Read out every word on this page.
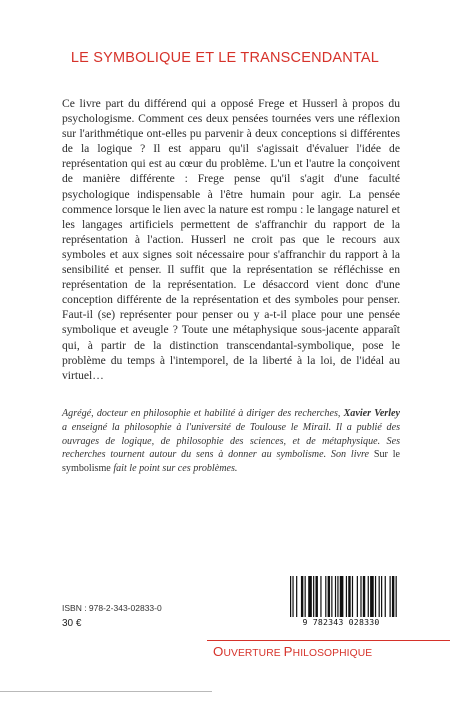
LE SYMBOLIQUE ET LE TRANSCENDANTAL

Ce livre part du différend qui a opposé Frege et Husserl à propos du psychologisme. Comment ces deux pensées tournées vers une réflexion sur l'arithmétique ont-elles pu parvenir à deux conceptions si différentes de la logique ? Il est apparu qu'il s'agissait d'évaluer l'idée de représentation qui est au cœur du problème. L'un et l'autre la conçoivent de manière différente : Frege pense qu'il s'agit d'une faculté psychologique indispensable à l'être humain pour agir. La pensée commence lorsque le lien avec la nature est rompu : le langage naturel et les langages artificiels permettent de s'affranchir du rapport de la représentation à l'action. Husserl ne croit pas que le recours aux symboles et aux signes soit nécessaire pour s'affranchir du rapport à la sensibilité et penser. Il suffit que la représentation se réfléchisse en représentation de la représentation. Le désaccord vient donc d'une conception différente de la représentation et des symboles pour penser. Faut-il (se) représenter pour penser ou y a-t-il place pour une pensée symbolique et aveugle ? Toute une métaphysique sous-jacente apparaît qui, à partir de la distinction transcendantal-symbolique, pose le problème du temps à l'intemporel, de la liberté à la loi, de l'idéal au virtuel…

Agrégé, docteur en philosophie et habilité à diriger des recherches, Xavier Verley a enseigné la philosophie à l'université de Toulouse le Mirail. Il a publié des ouvrages de logique, de philosophie des sciences, et de métaphysique. Ses recherches tournent autour du sens à donner au symbolisme. Son livre Sur le symbolisme fait le point sur ces problèmes.

ISBN : 978-2-343-02833-0
30 €	9 782343 028330
OUVERTURE PHILOSOPHIQUE
